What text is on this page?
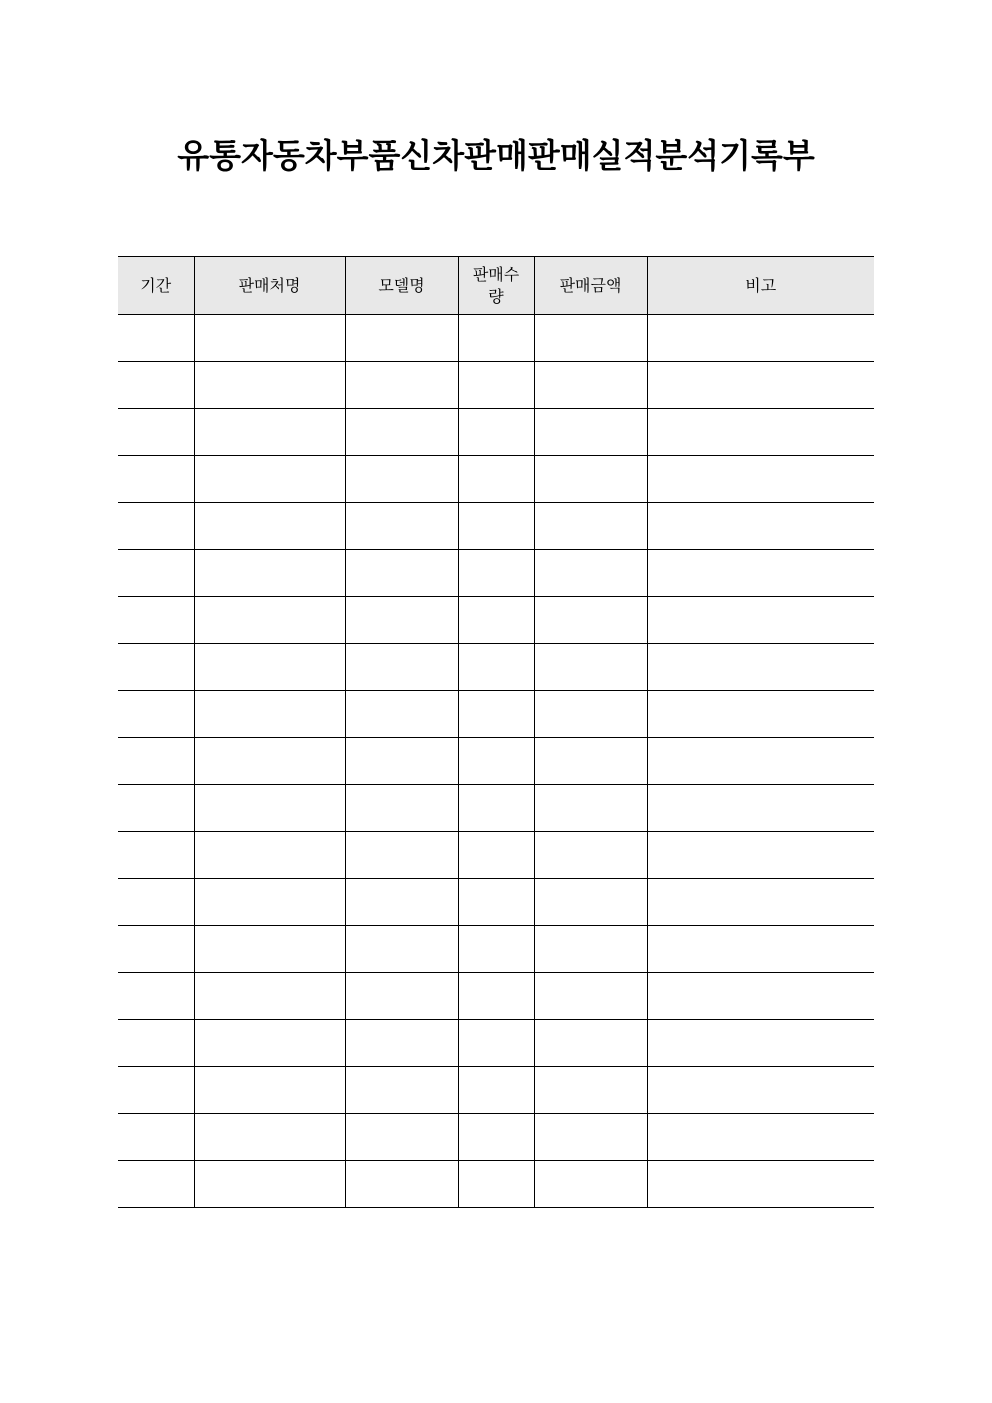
유통자동차부품신차판매판매실적분석기록부
기간	판매처명	모델명	판매수량	판매금액	비고
